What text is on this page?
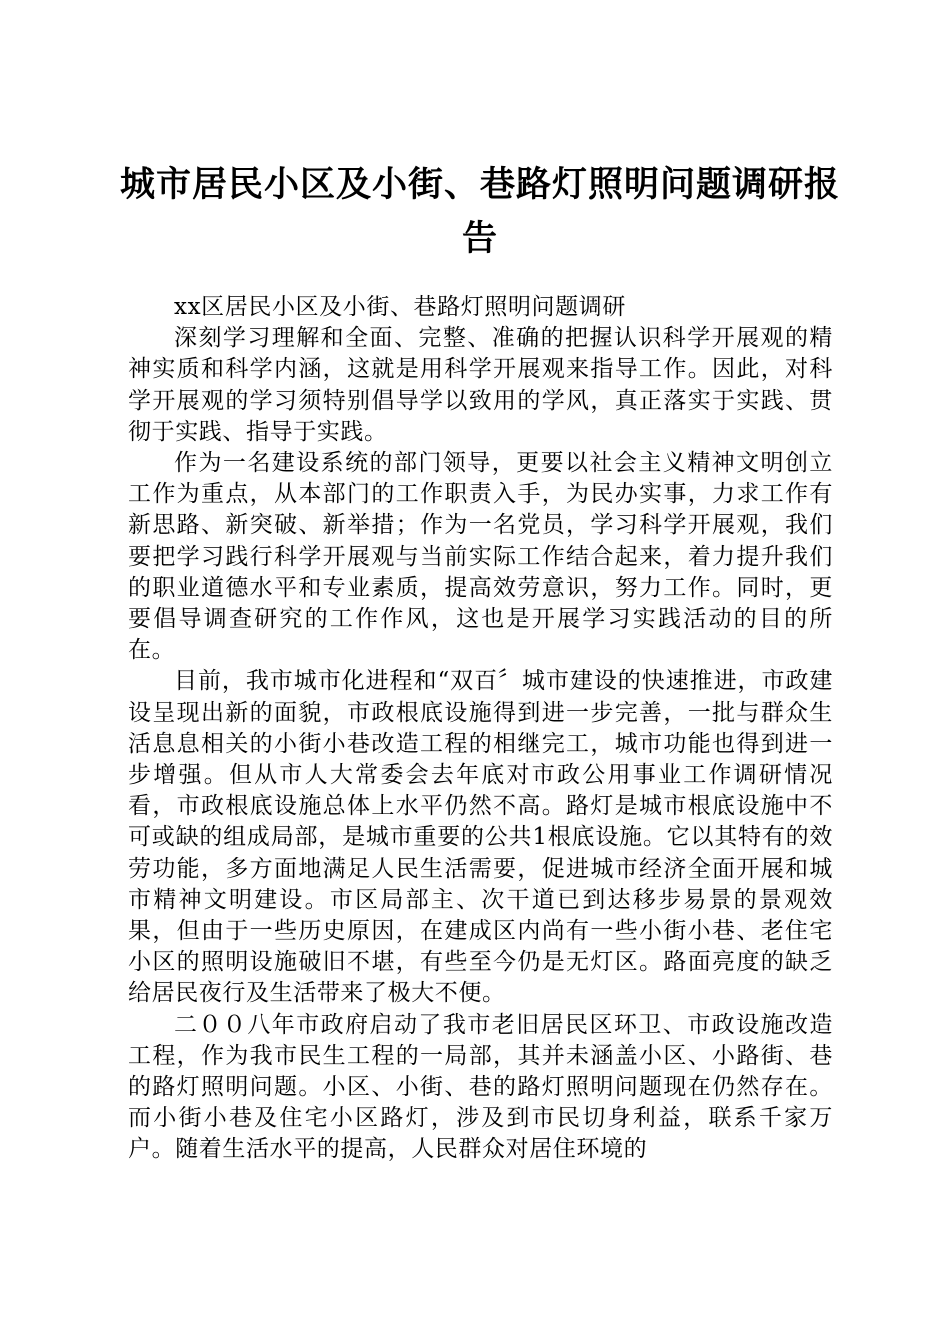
城市居民小区及小街、巷路灯照明问题调研报告

xx区居民小区及小街、巷路灯照明问题调研

深刻学习理解和全面、完整、准确的把握认识科学开展观的精神实质和科学内涵，这就是用科学开展观来指导工作。因此，对科学开展观的学习须特别倡导学以致用的学风，真正落实于实践、贯彻于实践、指导于实践。

作为一名建设系统的部门领导，更要以社会主义精神文明创立工作为重点，从本部门的工作职责入手，为民办实事，力求工作有新思路、新突破、新举措；作为一名党员，学习科学开展观，我们要把学习践行科学开展观与当前实际工作结合起来，着力提升我们的职业道德水平和专业素质，提高效劳意识，努力工作。同时，更要倡导调查研究的工作作风，这也是开展学习实践活动的目的所在。

目前，我市城市化进程和“双百〞城市建设的快速推进，市政建设呈现出新的面貌，市政根底设施得到进一步完善，一批与群众生活息息相关的小街小巷改造工程的相继完工，城市功能也得到进一步增强。但从市人大常委会去年底对市政公用事业工作调研情况看，市政根底设施总体上水平仍然不高。路灯是城市根底设施中不可或缺的组成局部，是城市重要的公共1根底设施。它以其特有的效劳功能，多方面地满足人民生活需要，促进城市经济全面开展和城市精神文明建设。市区局部主、次干道已到达移步易景的景观效果，但由于一些历史原因，在建成区内尚有一些小街小巷、老住宅小区的照明设施破旧不堪，有些至今仍是无灯区。路面亮度的缺乏给居民夜行及生活带来了极大不便。

二００八年市政府启动了我市老旧居民区环卫、市政设施改造工程，作为我市民生工程的一局部，其并未涵盖小区、小路街、巷的路灯照明问题。小区、小街、巷的路灯照明问题现在仍然存在。而小街小巷及住宅小区路灯，涉及到市民切身利益，联系千家万户。随着生活水平的提高，人民群众对居住环境的
